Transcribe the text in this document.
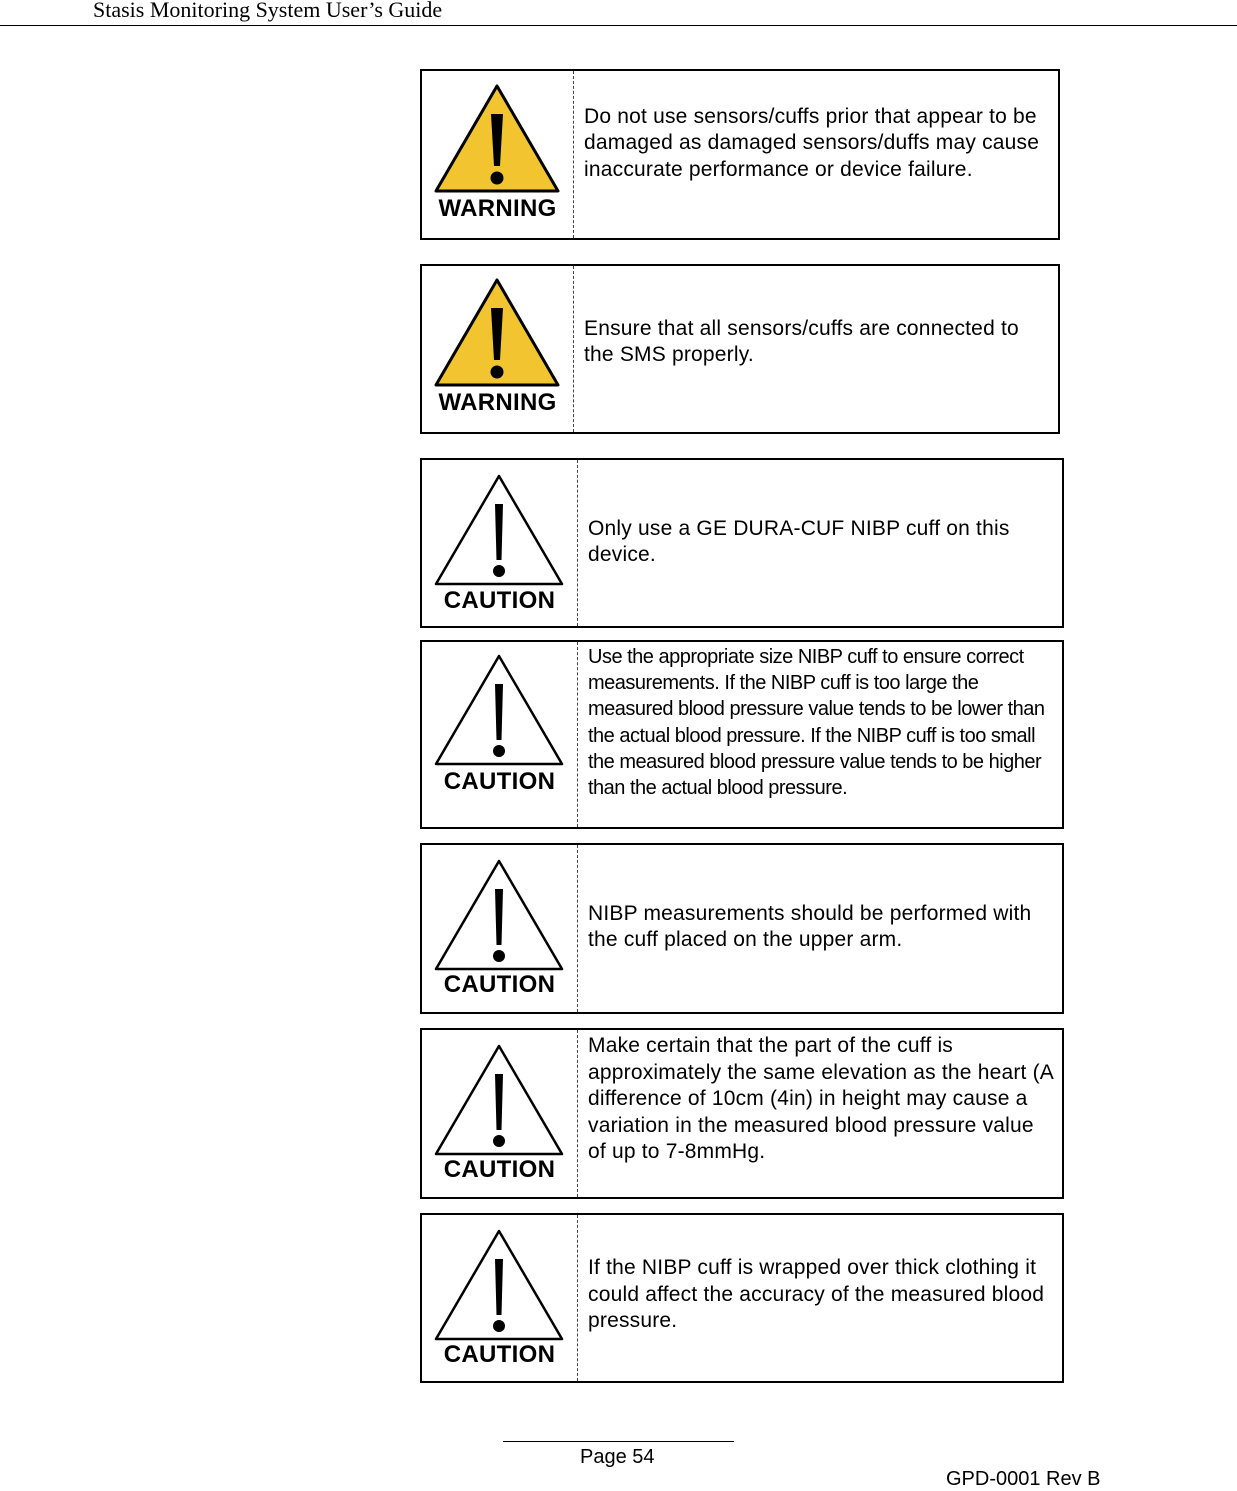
Stasis Monitoring System User’s Guide
WARNING
Do not use sensors/cuffs prior that appear to be damaged as damaged sensors/duffs may cause inaccurate performance or device failure.
WARNING
Ensure that all sensors/cuffs are connected to the SMS properly.
CAUTION
Only use a GE DURA-CUF NIBP cuff on this device.
CAUTION
Use the appropriate size NIBP cuff to ensure correct measurements. If the NIBP cuff is too large the measured blood pressure value tends to be lower than the actual blood pressure. If the NIBP cuff is too small the measured blood pressure value tends to be higher than the actual blood pressure.
CAUTION
NIBP measurements should be performed with the cuff placed on the upper arm.
CAUTION
Make certain that the part of the cuff is approximately the same elevation as the heart (A difference of 10cm (4in) in height may cause a variation in the measured blood pressure value of up to 7-8mmHg.
CAUTION
If the NIBP cuff is wrapped over thick clothing it could affect the accuracy of the measured blood pressure.
Page 54
GPD-0001 Rev B
